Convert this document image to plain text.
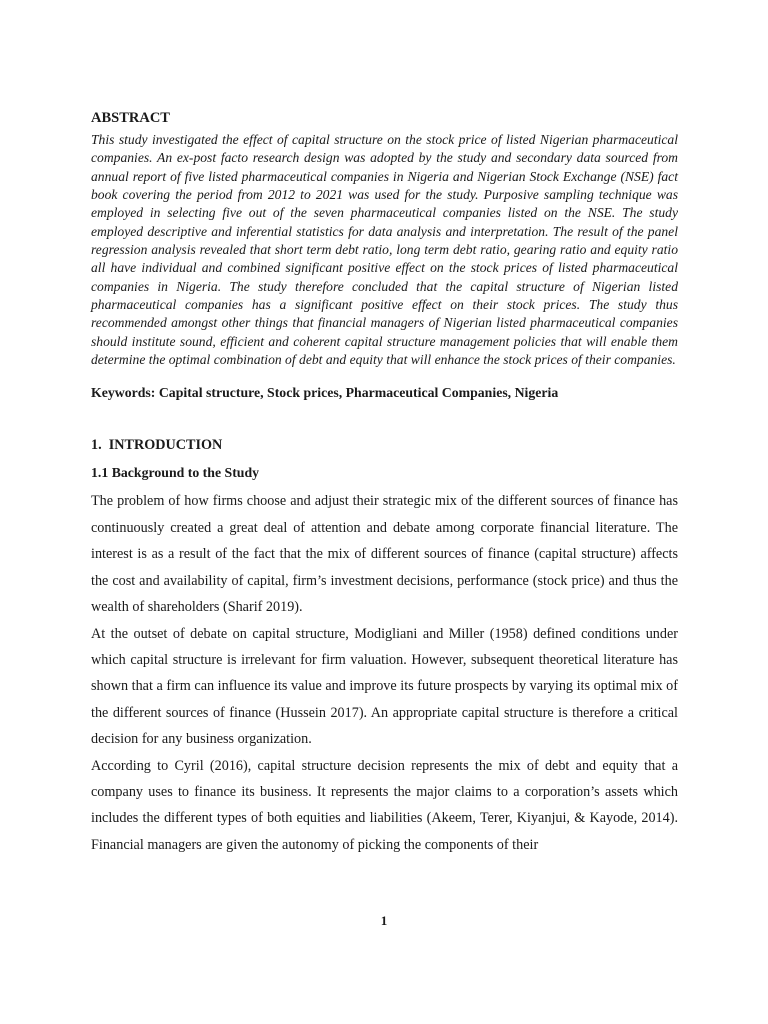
ABSTRACT

This study investigated the effect of capital structure on the stock price of listed Nigerian pharmaceutical companies. An ex-post facto research design was adopted by the study and secondary data sourced from annual report of five listed pharmaceutical companies in Nigeria and Nigerian Stock Exchange (NSE) fact book covering the period from 2012 to 2021 was used for the study. Purposive sampling technique was employed in selecting five out of the seven pharmaceutical companies listed on the NSE. The study employed descriptive and inferential statistics for data analysis and interpretation. The result of the panel regression analysis revealed that short term debt ratio, long term debt ratio, gearing ratio and equity ratio all have individual and combined significant positive effect on the stock prices of listed pharmaceutical companies in Nigeria. The study therefore concluded that the capital structure of Nigerian listed pharmaceutical companies has a significant positive effect on their stock prices. The study thus recommended amongst other things that financial managers of Nigerian listed pharmaceutical companies should institute sound, efficient and coherent capital structure management policies that will enable them determine the optimal combination of debt and equity that will enhance the stock prices of their companies.

Keywords: Capital structure, Stock prices, Pharmaceutical Companies, Nigeria

1.  INTRODUCTION
1.1 Background to the Study

The problem of how firms choose and adjust their strategic mix of the different sources of finance has continuously created a great deal of attention and debate among corporate financial literature. The interest is as a result of the fact that the mix of different sources of finance (capital structure) affects the cost and availability of capital, firm’s investment decisions, performance (stock price) and thus the wealth of shareholders (Sharif 2019).

At the outset of debate on capital structure, Modigliani and Miller (1958) defined conditions under which capital structure is irrelevant for firm valuation. However, subsequent theoretical literature has shown that a firm can influence its value and improve its future prospects by varying its optimal mix of the different sources of finance (Hussein 2017). An appropriate capital structure is therefore a critical decision for any business organization.

According to Cyril (2016), capital structure decision represents the mix of debt and equity that a company uses to finance its business. It represents the major claims to a corporation’s assets which includes the different types of both equities and liabilities (Akeem, Terer, Kiyanjui, & Kayode, 2014). Financial managers are given the autonomy of picking the components of their

1
